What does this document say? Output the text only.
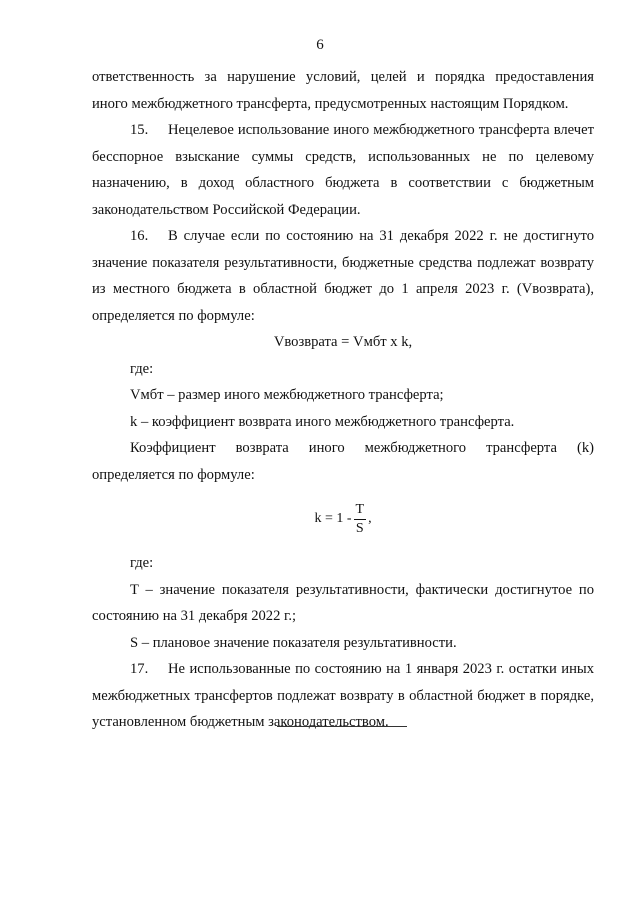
6

ответственность за нарушение условий, целей и порядка предоставления

иного межбюджетного трансферта, предусмотренных настоящим Порядком.

15. Нецелевое использование иного межбюджетного трансферта влечет бесспорное взыскание суммы средств, использованных не по целевому назначению, в доход областного бюджета в соответствии с бюджетным законодательством Российской Федерации.

16. В случае если по состоянию на 31 декабря 2022 г. не достигнуто значение показателя результативности, бюджетные средства подлежат возврату из местного бюджета в областной бюджет до 1 апреля 2023 г. (Vвозврата), определяется по формуле:

Vвозврата = Vмбт x k,

где:

Vмбт – размер иного межбюджетного трансферта;

k – коэффициент возврата иного межбюджетного трансферта.

Коэффициент возврата иного межбюджетного трансферта (k)

определяется по формуле:

$k = 1 - \frac{T}{S}$ ,

где:

T – значение показателя результативности, фактически достигнутое по состоянию на 31 декабря 2022 г.;

S – плановое значение показателя результативности.

17. Не использованные по состоянию на 1 января 2023 г. остатки иных межбюджетных трансфертов подлежат возврату в областной бюджет в порядке, установленном бюджетным законодательством.
